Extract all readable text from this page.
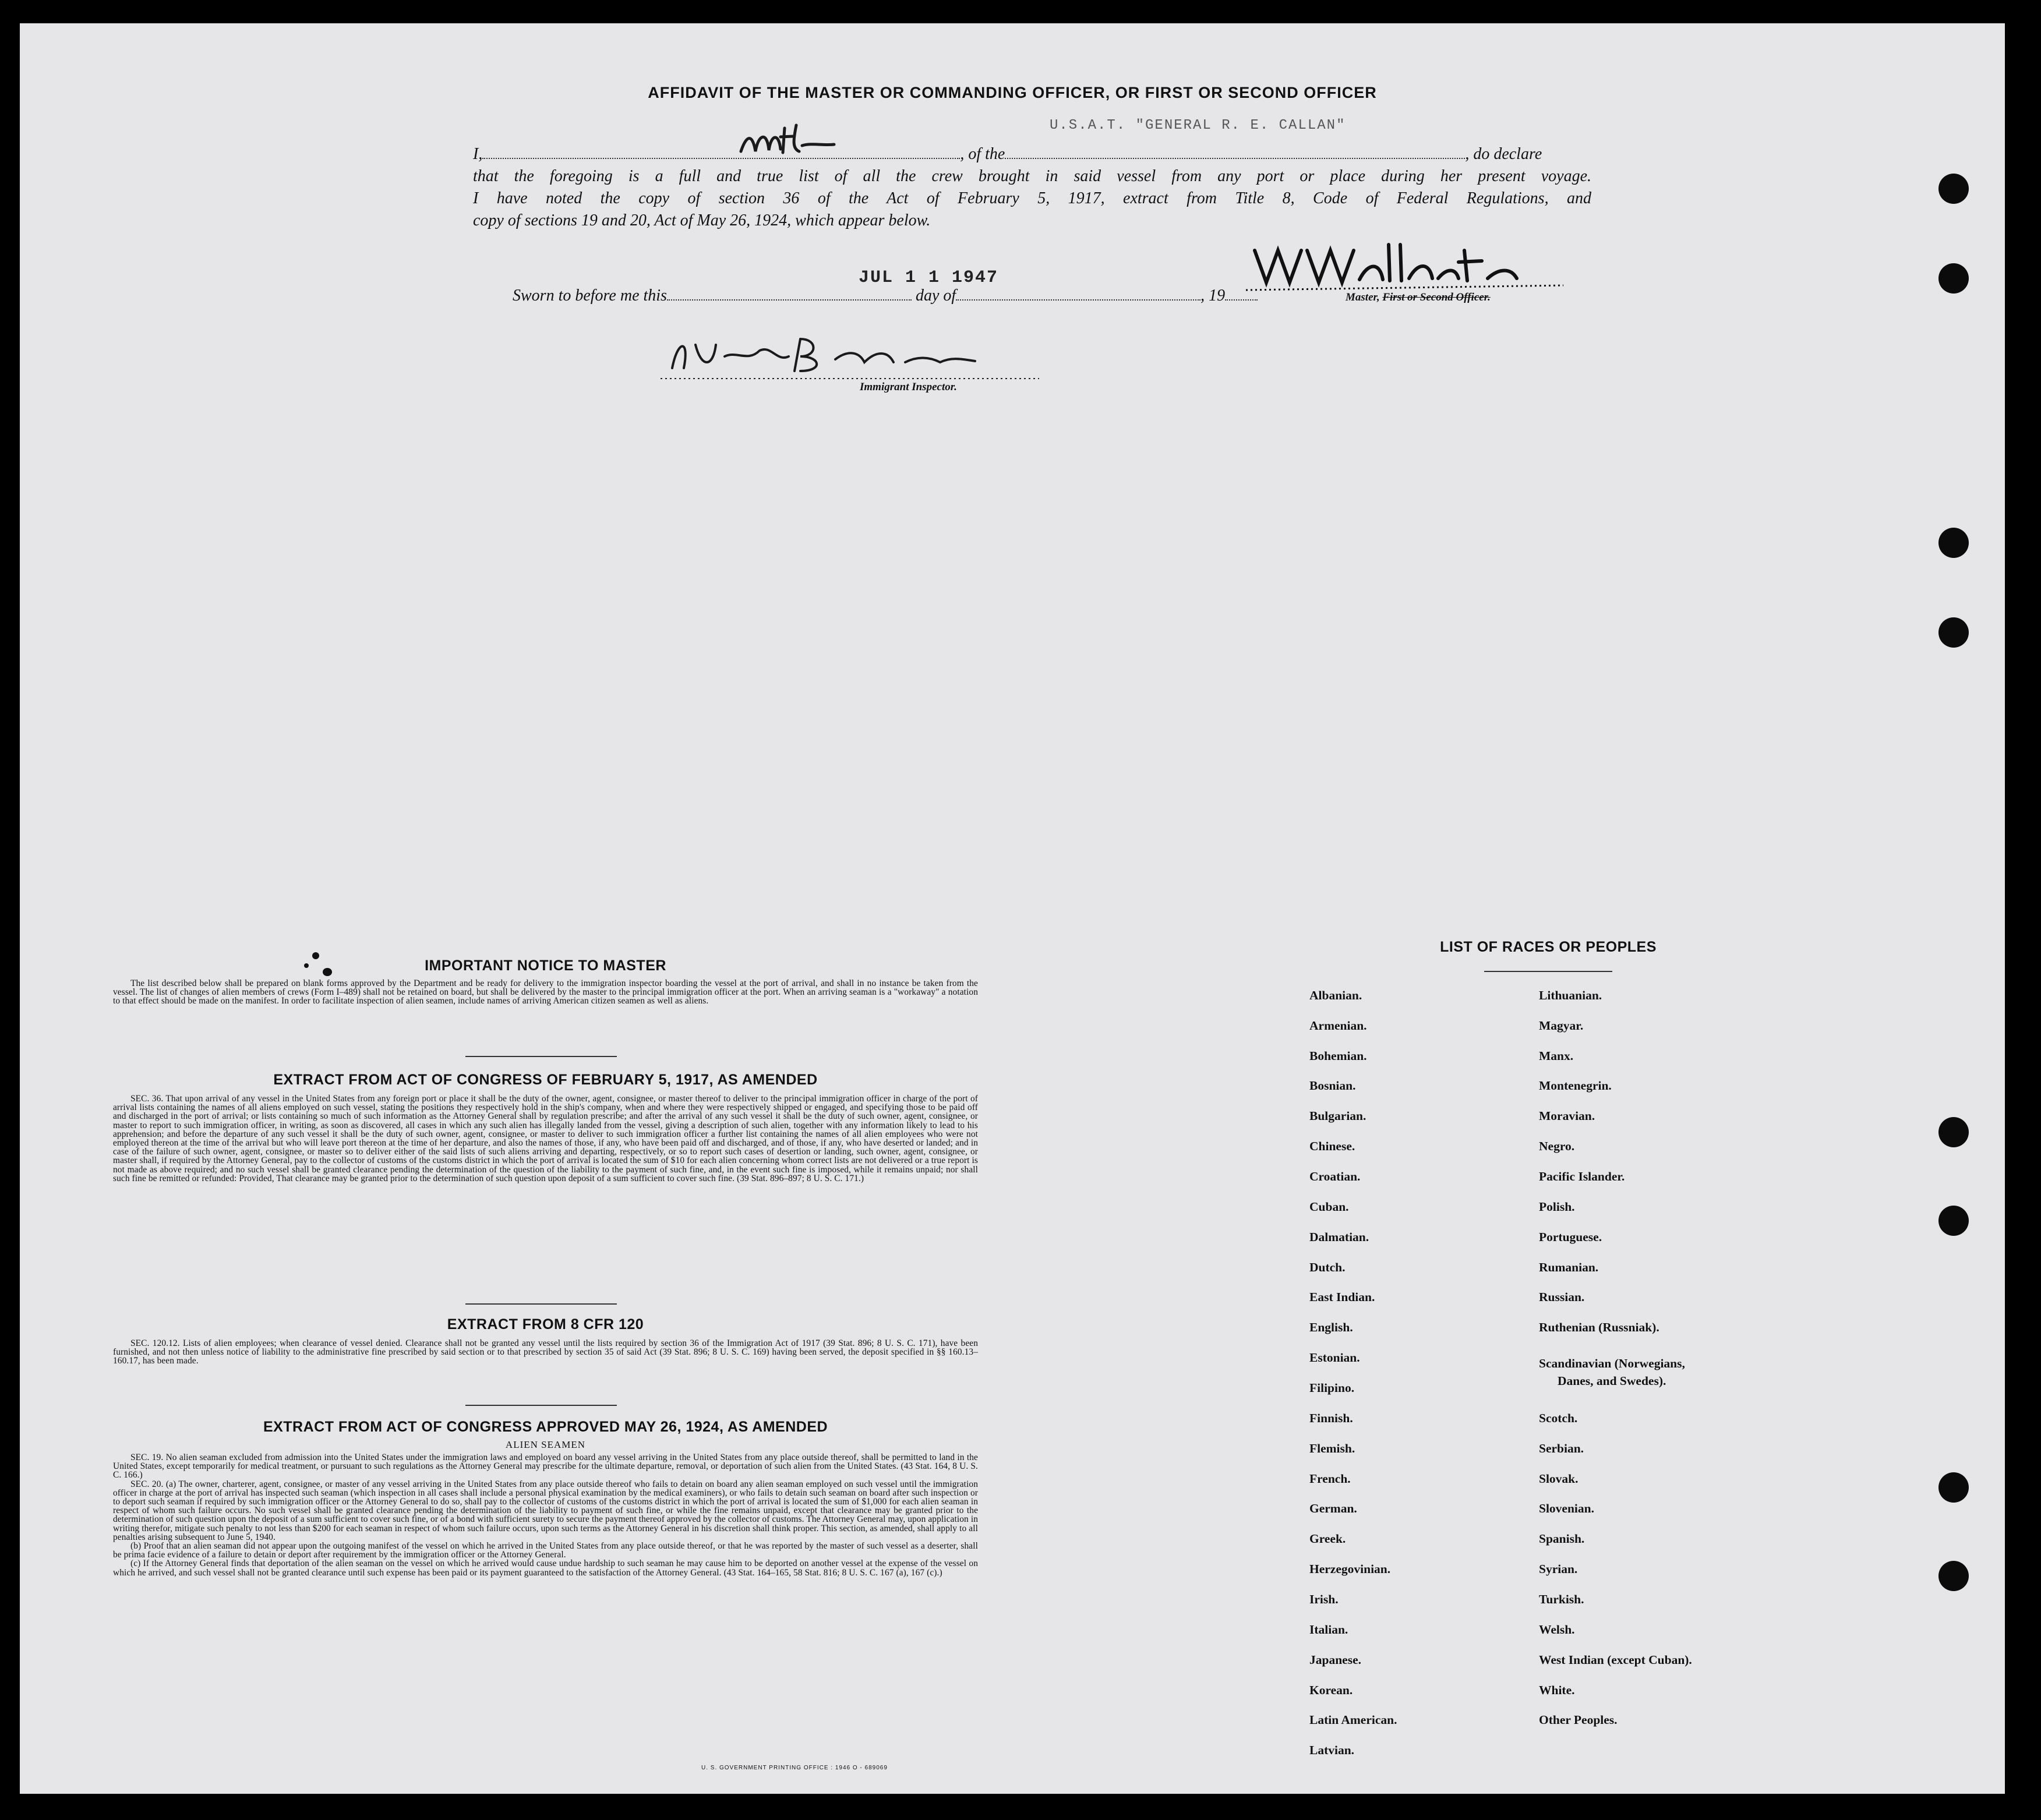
AFFIDAVIT OF THE MASTER OR COMMANDING OFFICER, OR FIRST OR SECOND OFFICER
I,	, of the	, do declare
U.S.A.T. "GENERAL R. E. CALLAN"
that the foregoing is a full and true list of all the crew brought in said vessel from any port or place during her present voyage.
I have noted the copy of section 36 of the Act of February 5, 1917, extract from Title 8, Code of Federal Regulations, and
copy of sections 19 and 20, Act of May 26, 1924, which appear below.
Master, First or Second Officer.
Sworn to before me this	day of	, 19
JUL 1 1 1947
Immigrant Inspector.

IMPORTANT NOTICE TO MASTER

The list described below shall be prepared on blank forms approved by the Department and be ready for delivery to the immigration inspector boarding the vessel at the port of arrival, and shall in no instance be taken from the vessel. The list of changes of alien members of crews (Form I–489) shall not be retained on board, but shall be delivered by the master to the principal immigration officer at the port. When an arriving seaman is a "workaway" a notation to that effect should be made on the manifest. In order to facilitate inspection of alien seamen, include names of arriving American citizen seamen as well as aliens.

EXTRACT FROM ACT OF CONGRESS OF FEBRUARY 5, 1917, AS AMENDED

SEC. 36. That upon arrival of any vessel in the United States from any foreign port or place it shall be the duty of the owner, agent, consignee, or master thereof to deliver to the principal immigration officer in charge of the port of arrival lists containing the names of all aliens employed on such vessel, stating the positions they respectively hold in the ship's company, when and where they were respectively shipped or engaged, and specifying those to be paid off and discharged in the port of arrival; or lists containing so much of such information as the Attorney General shall by regulation prescribe; and after the arrival of any such vessel it shall be the duty of such owner, agent, consignee, or master to report to such immigration officer, in writing, as soon as discovered, all cases in which any such alien has illegally landed from the vessel, giving a description of such alien, together with any information likely to lead to his apprehension; and before the departure of any such vessel it shall be the duty of such owner, agent, consignee, or master to deliver to such immigration officer a further list containing the names of all alien employees who were not employed thereon at the time of the arrival but who will leave port thereon at the time of her departure, and also the names of those, if any, who have been paid off and discharged, and of those, if any, who have deserted or landed; and in case of the failure of such owner, agent, consignee, or master so to deliver either of the said lists of such aliens arriving and departing, respectively, or so to report such cases of desertion or landing, such owner, agent, consignee, or master shall, if required by the Attorney General, pay to the collector of customs of the customs district in which the port of arrival is located the sum of $10 for each alien concerning whom correct lists are not delivered or a true report is not made as above required; and no such vessel shall be granted clearance pending the determination of the question of the liability to the payment of such fine, and, in the event such fine is imposed, while it remains unpaid; nor shall such fine be remitted or refunded: Provided, That clearance may be granted prior to the determination of such question upon deposit of a sum sufficient to cover such fine. (39 Stat. 896–897; 8 U. S. C. 171.)

EXTRACT FROM 8 CFR 120

SEC. 120.12. Lists of alien employees; when clearance of vessel denied. Clearance shall not be granted any vessel until the lists required by section 36 of the Immigration Act of 1917 (39 Stat. 896; 8 U. S. C. 171), have been furnished, and not then unless notice of liability to the administrative fine prescribed by said section or to that prescribed by section 35 of said Act (39 Stat. 896; 8 U. S. C. 169) having been served, the deposit specified in §§ 160.13–160.17, has been made.

EXTRACT FROM ACT OF CONGRESS APPROVED MAY 26, 1924, AS AMENDED

ALIEN SEAMEN

SEC. 19. No alien seaman excluded from admission into the United States under the immigration laws and employed on board any vessel arriving in the United States from any place outside thereof, shall be permitted to land in the United States, except temporarily for medical treatment, or pursuant to such regulations as the Attorney General may prescribe for the ultimate departure, removal, or deportation of such alien from the United States. (43 Stat. 164, 8 U. S. C. 166.)

SEC. 20. (a) The owner, charterer, agent, consignee, or master of any vessel arriving in the United States from any place outside thereof who fails to detain on board any alien seaman employed on such vessel until the immigration officer in charge at the port of arrival has inspected such seaman (which inspection in all cases shall include a personal physical examination by the medical examiners), or who fails to detain such seaman on board after such inspection or to deport such seaman if required by such immigration officer or the Attorney General to do so, shall pay to the collector of customs of the customs district in which the port of arrival is located the sum of $1,000 for each alien seaman in respect of whom such failure occurs. No such vessel shall be granted clearance pending the determination of the liability to payment of such fine, or while the fine remains unpaid, except that clearance may be granted prior to the determination of such question upon the deposit of a sum sufficient to cover such fine, or of a bond with sufficient surety to secure the payment thereof approved by the collector of customs. The Attorney General may, upon application in writing therefor, mitigate such penalty to not less than $200 for each seaman in respect of whom such failure occurs, upon such terms as the Attorney General in his discretion shall think proper. This section, as amended, shall apply to all penalties arising subsequent to June 5, 1940.

(b) Proof that an alien seaman did not appear upon the outgoing manifest of the vessel on which he arrived in the United States from any place outside thereof, or that he was reported by the master of such vessel as a deserter, shall be prima facie evidence of a failure to detain or deport after requirement by the immigration officer or the Attorney General.

(c) If the Attorney General finds that deportation of the alien seaman on the vessel on which he arrived would cause undue hardship to such seaman he may cause him to be deported on another vessel at the expense of the vessel on which he arrived, and such vessel shall not be granted clearance until such expense has been paid or its payment guaranteed to the satisfaction of the Attorney General. (43 Stat. 164–165, 58 Stat. 816; 8 U. S. C. 167 (a), 167 (c).)

U. S. GOVERNMENT PRINTING OFFICE : 1946 O - 689069
LIST OF RACES OR PEOPLES
Albanian.
Armenian.
Bohemian.
Bosnian.
Bulgarian.
Chinese.
Croatian.
Cuban.
Dalmatian.
Dutch.
East Indian.
English.
Estonian.
Filipino.
Finnish.
Flemish.
French.
German.
Greek.
Herzegovinian.
Irish.
Italian.
Japanese.
Korean.
Latin American.
Latvian.
Lithuanian.
Magyar.
Manx.
Montenegrin.
Moravian.
Negro.
Pacific Islander.
Polish.
Portuguese.
Rumanian.
Russian.
Ruthenian (Russniak).
Scandinavian (Norwegians,
Danes, and Swedes).
Scotch.
Serbian.
Slovak.
Slovenian.
Spanish.
Syrian.
Turkish.
Welsh.
West Indian (except Cuban).
White.
Other Peoples.
